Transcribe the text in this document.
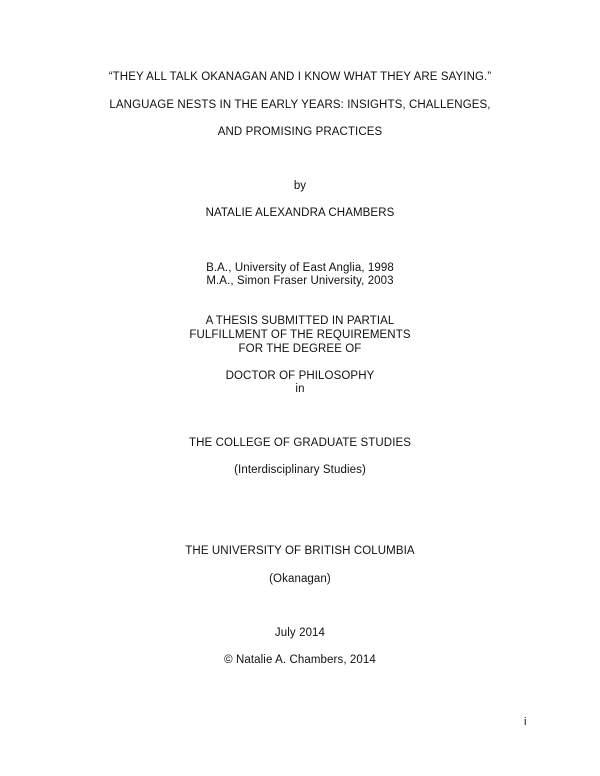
“THEY ALL TALK OKANAGAN AND I KNOW WHAT THEY ARE SAYING.”
LANGUAGE NESTS IN THE EARLY YEARS: INSIGHTS, CHALLENGES,
AND PROMISING PRACTICES
by
NATALIE ALEXANDRA CHAMBERS
B.A., University of East Anglia, 1998
M.A., Simon Fraser University, 2003
A THESIS SUBMITTED IN PARTIAL
FULFILLMENT OF THE REQUIREMENTS
FOR THE DEGREE OF
DOCTOR OF PHILOSOPHY
in
THE COLLEGE OF GRADUATE STUDIES
(Interdisciplinary Studies)
THE UNIVERSITY OF BRITISH COLUMBIA
(Okanagan)
July 2014
© Natalie A. Chambers, 2014
i
